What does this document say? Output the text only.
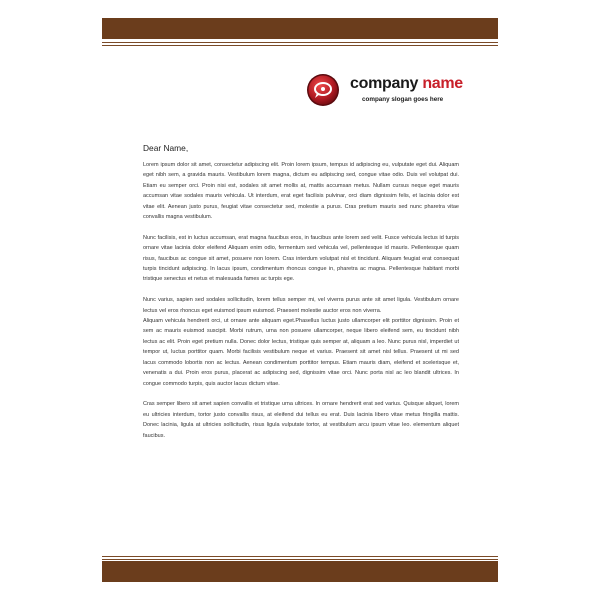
company name
company slogan goes here

Dear Name,

Lorem ipsum dolor sit amet, consectetur adipiscing elit. Proin lorem ipsum, tempus id adipiscing eu, vulputate eget dui. Aliquam eget nibh sem, a gravida mauris. Vestibulum lorem magna, dictum eu adipiscing sed, congue vitae odio. Duis vel volutpat dui. Etiam eu semper orci. Proin nisi est, sodales sit amet mollis at, mattis accumsan metus. Nullam cursus neque eget mauris accumsan vitae sodales mauris vehicula. Ut interdum, erat eget facilisis pulvinar, orci diam dignissim felis, et lacinia dolor est vitae elit. Aenean justo purus, feugiat vitae consectetur sed, molestie a purus. Cras pretium mauris sed nunc pharetra vitae convallis magna vestibulum.

Nunc facilisis, est in luctus accumsan, erat magna faucibus eros, in faucibus ante lorem sed velit. Fusce vehicula lectus id turpis ornare vitae lacinia dolor eleifend Aliquam enim odio, fermentum sed vehicula vel, pellentesque id mauris. Pellentesque quam risus, faucibus ac congue sit amet, posuere non lorem. Cras interdum volutpat nisl et tincidunt. Aliquam feugiat erat consequat turpis tincidunt adipiscing. In lacus ipsum, condimentum rhoncus congue in, pharetra ac magna. Pellentesque habitant morbi tristique senectus et netus et malesuada fames ac turpis ege.

Nunc varius, sapien sed sodales sollicitudin, lorem tellus semper mi, vel viverra purus ante sit amet ligula. Vestibulum ornare lectus vel eros rhoncus eget euismod ipsum euismod. Praesent molestie auctor eros non viverra.

Aliquam vehicula hendrerit orci, ut ornare ante aliquam eget.Phasellus luctus justo ullamcorper elit porttitor dignissim. Proin et sem ac mauris euismod suscipit. Morbi rutrum, urna non posuere ullamcorper, neque libero eleifend sem, eu tincidunt nibh lectus ac elit. Proin eget pretium nulla. Donec dolor lectus, tristique quis semper at, aliquam a leo. Nunc purus nisl, imperdiet ut tempor ut, luctus porttitor quam. Morbi facilisis vestibulum neque et varius. Praesent sit amet nisl tellus. Praesent ut mi sed lacus commodo lobortis non ac lectus. Aenean condimentum porttitor tempus. Etiam mauris diam, eleifend et scelerisque et, venenatis a dui. Proin eros purus, placerat ac adipiscing sed, dignissim vitae orci. Nunc porta nisl ac leo blandit ultrices. In congue commodo turpis, quis auctor lacus dictum vitae.

Cras semper libero sit amet sapien convallis et tristique urna ultrices. In ornare hendrerit erat sed varius. Quisque aliquet, lorem eu ultricies interdum, tortor justo convallis risus, at eleifend dui tellus eu erat. Duis lacinia libero vitae metus fringilla mattis. Donec lacinia, ligula at ultricies sollicitudin, risus ligula vulputate tortor, at vestibulum arcu ipsum vitae leo. elementum aliquet faucibus.
